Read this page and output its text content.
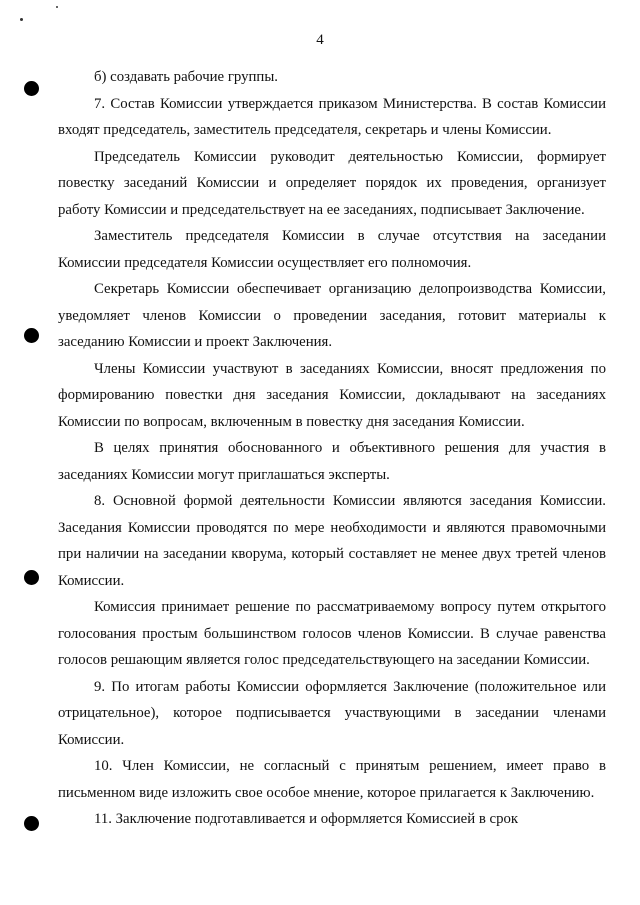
4

б) создавать рабочие группы.

7. Состав Комиссии утверждается приказом Министерства. В состав Комиссии входят председатель, заместитель председателя, секретарь и члены Комиссии.

Председатель Комиссии руководит деятельностью Комиссии, формирует повестку заседаний Комиссии и определяет порядок их проведения, организует работу Комиссии и председательствует на ее заседаниях, подписывает Заключение.

Заместитель председателя Комиссии в случае отсутствия на заседании Комиссии председателя Комиссии осуществляет его полномочия.

Секретарь Комиссии обеспечивает организацию делопроизводства Комиссии, уведомляет членов Комиссии о проведении заседания, готовит материалы к заседанию Комиссии и проект Заключения.

Члены Комиссии участвуют в заседаниях Комиссии, вносят предложения по формированию повестки дня заседания Комиссии, докладывают на заседаниях Комиссии по вопросам, включенным в повестку дня заседания Комиссии.

В целях принятия обоснованного и объективного решения для участия в заседаниях Комиссии могут приглашаться эксперты.

8. Основной формой деятельности Комиссии являются заседания Комиссии. Заседания Комиссии проводятся по мере необходимости и являются правомочными при наличии на заседании кворума, который составляет не менее двух третей членов Комиссии.

Комиссия принимает решение по рассматриваемому вопросу путем открытого голосования простым большинством голосов членов Комиссии. В случае равенства голосов решающим является голос председательствующего на заседании Комиссии.

9. По итогам работы Комиссии оформляется Заключение (положительное или отрицательное), которое подписывается участвующими в заседании членами Комиссии.

10. Член Комиссии, не согласный с принятым решением, имеет право в письменном виде изложить свое особое мнение, которое прилагается к Заключению.

11. Заключение подготавливается и оформляется Комиссией в срок
